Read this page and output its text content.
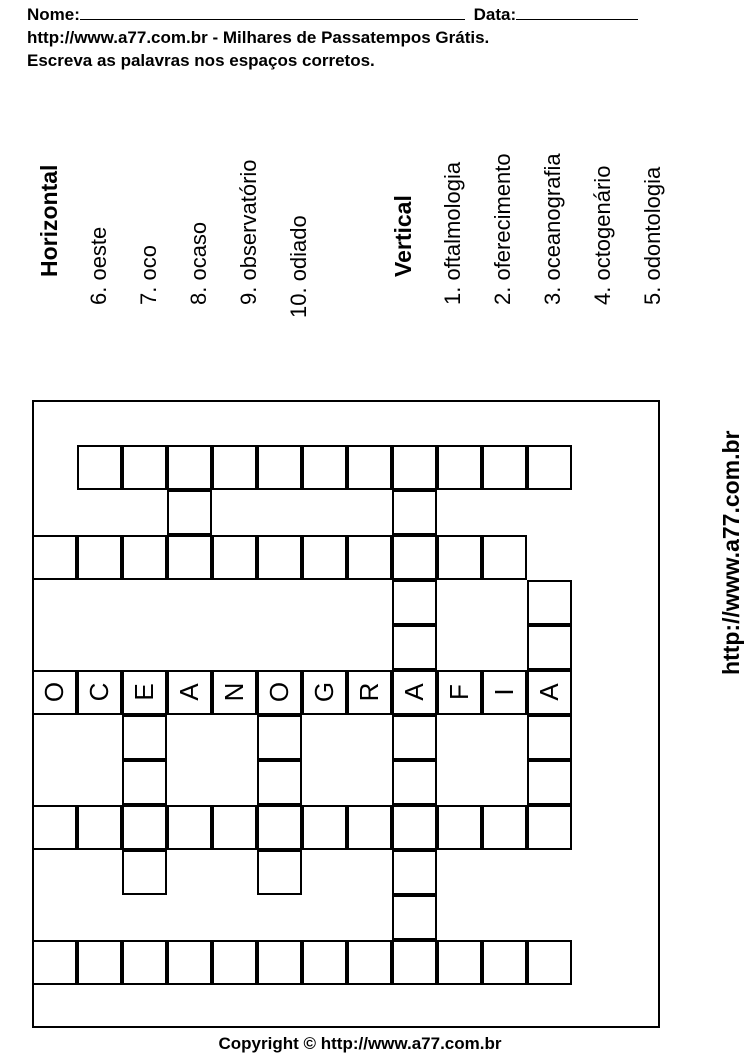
Nome:	Data:
http://www.a77.com.br - Milhares de Passatempos Grátis.
Escreva as palavras nos espaços corretos.
Horizontal 6. oeste 7. oco 8. ocaso 9. observatório 10. odiado	Vertical 1. oftalmologia 2. oferecimento 3. oceanografia 4. octogenário 5. odontologia
O C E A N O G R A F I A
http://www.a77.com.br
Copyright © http://www.a77.com.br
